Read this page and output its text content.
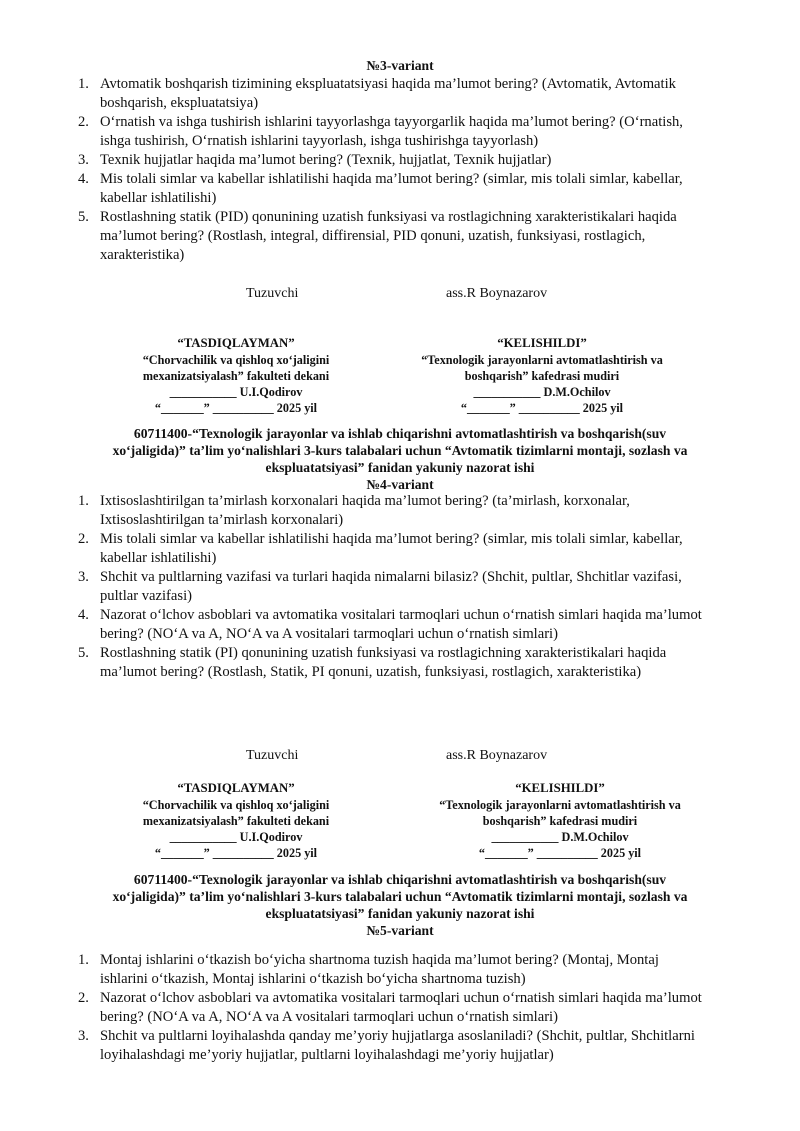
№3-variant
1. Avtomatik boshqarish tizimining ekspluatatsiyasi haqida ma’lumot bering? (Avtomatik, Avtomatik boshqarish, ekspluatatsiya)
2. O‘rnatish va ishga tushirish ishlarini tayyorlashga tayyorgarlik haqida ma’lumot bering? (O‘rnatish, ishga tushirish, O‘rnatish ishlarini tayyorlash, ishga tushirishga tayyorlash)
3. Texnik hujjatlar haqida ma’lumot bering? (Texnik, hujjatlat, Texnik hujjatlar)
4. Mis tolali simlar va kabellar ishlatilishi haqida ma’lumot bering? (simlar, mis tolali simlar, kabellar, kabellar ishlatilishi)
5. Rostlashning statik (PID) qonunining uzatish funksiyasi va rostlagichning xarakteristikalari haqida ma’lumot bering? (Rostlash, integral, diffirensial, PID qonuni, uzatish, funksiyasi, rostlagich, xarakteristika)
Tuzuvchi	ass.R Boynazarov
“TASDIQLAYMAN”
“Chorvachilik va qishloq xo‘jaligini
mexanizatsiyalash” fakulteti dekani
___________ U.I.Qodirov
“_______” __________ 2025 yil
“KELISHILDI”
“Texnologik jarayonlarni avtomatlashtirish va
boshqarish” kafedrasi mudiri
___________ D.M.Ochilov
“_______” __________ 2025 yil
60711400-“Texnologik jarayonlar va ishlab chiqarishni avtomatlashtirish va boshqarish(suv
xo‘jaligida)” ta’lim yo‘nalishlari 3-kurs talabalari uchun “Avtomatik tizimlarni montaji, sozlash va
ekspluatatsiyasi” fanidan yakuniy nazorat ishi
№4-variant
1. Ixtisoslashtirilgan ta’mirlash korxonalari haqida ma’lumot bering? (ta’mirlash, korxonalar, Ixtisoslashtirilgan ta’mirlash korxonalari)
2. Mis tolali simlar va kabellar ishlatilishi haqida ma’lumot bering? (simlar, mis tolali simlar, kabellar, kabellar ishlatilishi)
3. Shchit va pultlarning vazifasi va turlari haqida nimalarni bilasiz? (Shchit, pultlar, Shchitlar vazifasi, pultlar vazifasi)
4. Nazorat o‘lchov asboblari va avtomatika vositalari tarmoqlari uchun o‘rnatish simlari haqida ma’lumot bering? (NO‘A va A, NO‘A va A vositalari tarmoqlari uchun o‘rnatish simlari)
5. Rostlashning statik (PI) qonunining uzatish funksiyasi va rostlagichning xarakteristikalari haqida ma’lumot bering? (Rostlash, Statik, PI qonuni, uzatish, funksiyasi, rostlagich, xarakteristika)
Tuzuvchi	ass.R Boynazarov
“TASDIQLAYMAN”
“Chorvachilik va qishloq xo‘jaligini
mexanizatsiyalash” fakulteti dekani
___________ U.I.Qodirov
“_______” __________ 2025 yil
“KELISHILDI”
“Texnologik jarayonlarni avtomatlashtirish va
boshqarish” kafedrasi mudiri
___________ D.M.Ochilov
“_______” __________ 2025 yil
60711400-“Texnologik jarayonlar va ishlab chiqarishni avtomatlashtirish va boshqarish(suv
xo‘jaligida)” ta’lim yo‘nalishlari 3-kurs talabalari uchun “Avtomatik tizimlarni montaji, sozlash va
ekspluatatsiyasi” fanidan yakuniy nazorat ishi
№5-variant
1. Montaj ishlarini o‘tkazish bo‘yicha shartnoma tuzish haqida ma’lumot bering? (Montaj, Montaj ishlarini o‘tkazish, Montaj ishlarini o‘tkazish bo‘yicha shartnoma tuzish)
2. Nazorat o‘lchov asboblari va avtomatika vositalari tarmoqlari uchun o‘rnatish simlari haqida ma’lumot bering? (NO‘A va A, NO‘A va A vositalari tarmoqlari uchun o‘rnatish simlari)
3. Shchit va pultlarni loyihalashda qanday me’yoriy hujjatlarga asoslaniladi? (Shchit, pultlar, Shchitlarni loyihalashdagi me’yoriy hujjatlar, pultlarni loyihalashdagi me’yoriy hujjatlar)
